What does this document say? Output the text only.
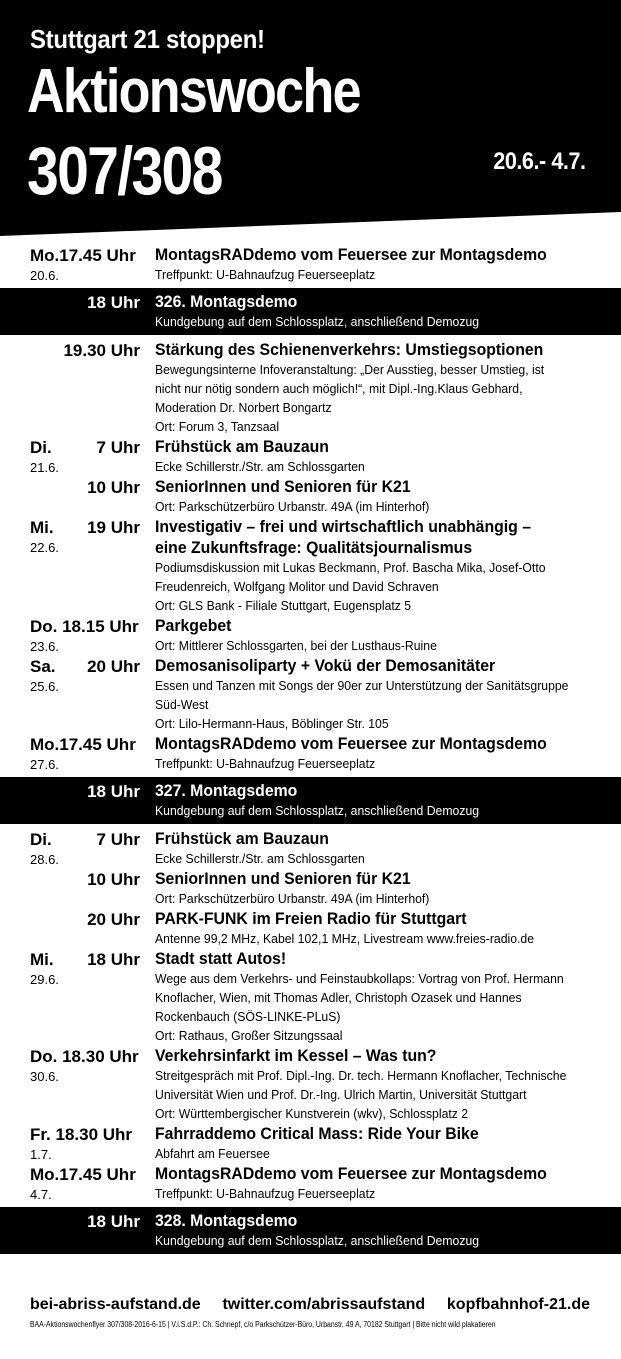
Stuttgart 21 stoppen!
Aktionswoche
307/308	20.6.- 4.7.
Mo.17.45 Uhr
20.6.
MontagsRADdemo vom Feuersee zur Montagsdemo
Treffpunkt: U-Bahnaufzug Feuerseeplatz
18 Uhr 326. Montagsdemo
Kundgebung auf dem Schlossplatz, anschließend Demozug
19.30 Uhr Stärkung des Schienenverkehrs: Umstiegsoptionen
Bewegungsinterne Infoveranstaltung: „Der Ausstieg, besser Umstieg, ist
nicht nur nötig sondern auch möglich!“, mit Dipl.-Ing.Klaus Gebhard,
Moderation Dr. Norbert Bongartz
Ort: Forum 3, Tanzsaal
Di.
21.6.
7 Uhr Frühstück am Bauzaun
Ecke Schillerstr./Str. am Schlossgarten
10 Uhr SeniorInnen und Senioren für K21
Ort: Parkschützerbüro Urbanstr. 49A (im Hinterhof)
Mi.
22.6.
19 Uhr Investigativ – frei und wirtschaftlich unabhängig –
eine Zukunftsfrage: Qualitätsjournalismus
Podiumsdiskussion mit Lukas Beckmann, Prof. Bascha Mika, Josef-Otto
Freudenreich, Wolfgang Molitor und David Schraven
Ort: GLS Bank - Filiale Stuttgart, Eugensplatz 5
Do. 18.15 Uhr
23.6.
Parkgebet
Ort: Mittlerer Schlossgarten, bei der Lusthaus-Ruine
Sa.
25.6.
20 Uhr Demosanisoliparty + Vokü der Demosanitäter
Essen und Tanzen mit Songs der 90er zur Unterstützung der Sanitätsgruppe
Süd-West
Ort: Lilo-Hermann-Haus, Böblinger Str. 105
Mo.17.45 Uhr
27.6.
MontagsRADdemo vom Feuersee zur Montagsdemo
Treffpunkt: U-Bahnaufzug Feuerseeplatz
18 Uhr 327. Montagsdemo
Kundgebung auf dem Schlossplatz, anschließend Demozug
Di.
28.6.
7 Uhr Frühstück am Bauzaun
Ecke Schillerstr./Str. am Schlossgarten
10 Uhr SeniorInnen und Senioren für K21
Ort: Parkschützerbüro Urbanstr. 49A (im Hinterhof)
20 Uhr PARK-FUNK im Freien Radio für Stuttgart
Antenne 99,2 MHz, Kabel 102,1 MHz, Livestream www.freies-radio.de
Mi.
29.6.
18 Uhr Stadt statt Autos!
Wege aus dem Verkehrs- und Feinstaubkollaps: Vortrag von Prof. Hermann
Knoflacher, Wien, mit Thomas Adler, Christoph Ozasek und Hannes
Rockenbauch (SÖS-LINKE-PLuS)
Ort: Rathaus, Großer Sitzungssaal
Do. 18.30 Uhr
30.6.
Verkehrsinfarkt im Kessel – Was tun?
Streitgespräch mit Prof. Dipl.-Ing. Dr. tech. Hermann Knoflacher, Technische
Universität Wien und Prof. Dr.-Ing. Ulrich Martin, Universität Stuttgart
Ort: Württembergischer Kunstverein (wkv), Schlossplatz 2
Fr. 18.30 Uhr
1.7.
Fahrraddemo Critical Mass: Ride Your Bike
Abfahrt am Feuersee
Mo.17.45 Uhr
4.7.
MontagsRADdemo vom Feuersee zur Montagsdemo
Treffpunkt: U-Bahnaufzug Feuerseeplatz
18 Uhr 328. Montagsdemo
Kundgebung auf dem Schlossplatz, anschließend Demozug
bei-abriss-aufstand.de twitter.com/abrissaufstand kopfbahnhof-21.de
BAA-Aktionswochenflyer 307/308-2016-6-15 | V.i.S.d.P.: Ch. Schnepf, c/o Parkschützer-Büro, Urbanstr. 49 A, 70182 Stuttgart | Bitte nicht wild plakatieren
